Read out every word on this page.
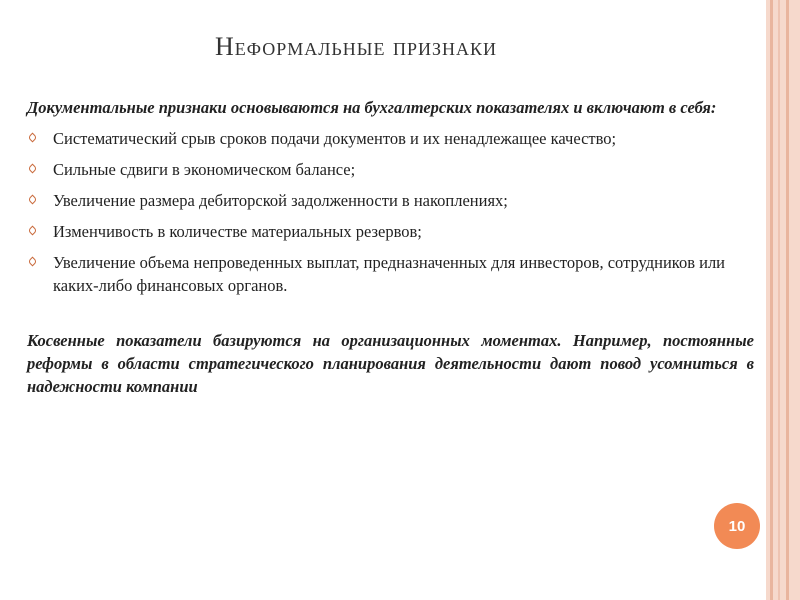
Неформальные признаки

Документальные признаки основываются на бухгалтерских показателях и включают в себя:

Систематический срыв сроков подачи документов и их ненадлежащее качество;
Сильные сдвиги в экономическом балансе;
Увеличение размера дебиторской задолженности в накоплениях;
Изменчивость в количестве материальных резервов;
Увеличение объема непроведенных выплат, предназначенных для инвесторов, сотрудников или каких-либо финансовых органов.

Косвенные показатели базируются на организационных моментах. Например, постоянные реформы в области стратегического планирования деятельности дают повод усомниться в надежности компании

10
